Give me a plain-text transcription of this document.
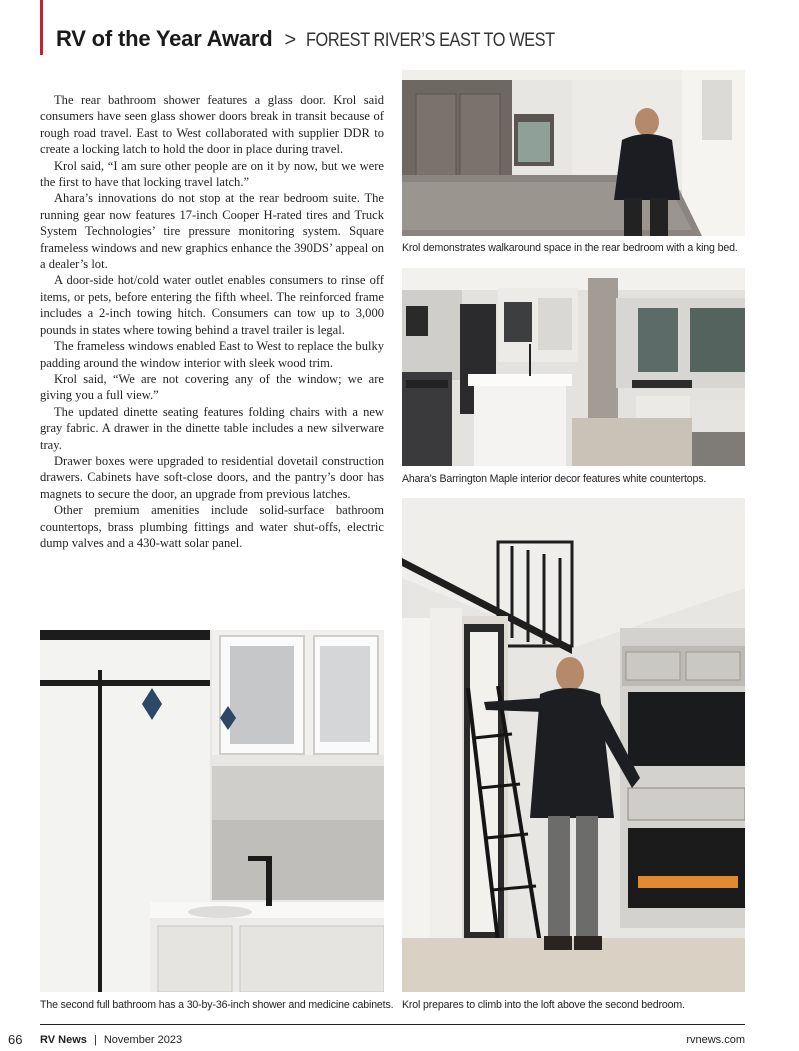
RV of the Year Award > FOREST RIVER’S EAST TO WEST

The rear bathroom shower features a glass door. Krol said consumers have seen glass shower doors break in transit because of rough road travel. East to West collaborated with supplier DDR to create a locking latch to hold the door in place during travel.

Krol said, “I am sure other people are on it by now, but we were the first to have that locking travel latch.”

Ahara’s innovations do not stop at the rear bedroom suite. The running gear now features 17-inch Cooper H-rated tires and Truck System Technologies’ tire pressure monitoring system. Square frameless windows and new graphics enhance the 390DS’ appeal on a dealer’s lot.

A door-side hot/cold water outlet enables consumers to rinse off items, or pets, before entering the fifth wheel. The reinforced frame includes a 2-inch towing hitch. Consumers can tow up to 3,000 pounds in states where towing behind a travel trailer is legal.

The frameless windows enabled East to West to replace the bulky padding around the window interior with sleek wood trim.

Krol said, “We are not covering any of the window; we are giving you a full view.”

The updated dinette seating features folding chairs with a new gray fabric. A drawer in the dinette table includes a new silverware tray.

Drawer boxes were upgraded to residential dovetail construction drawers. Cabinets have soft-close doors, and the pantry’s door has magnets to secure the door, an upgrade from previous latches.

Other premium amenities include solid-surface bathroom countertops, brass plumbing fittings and water shut-offs, electric dump valves and a 430-watt solar panel.

Krol demonstrates walkaround space in the rear bedroom with a king bed.
Ahara’s Barrington Maple interior decor features white countertops.
The second full bathroom has a 30-by-36-inch shower and medicine cabinets. Krol prepares to climb into the loft above the second bedroom.
66 RV News | November 2023	rvnews.com
